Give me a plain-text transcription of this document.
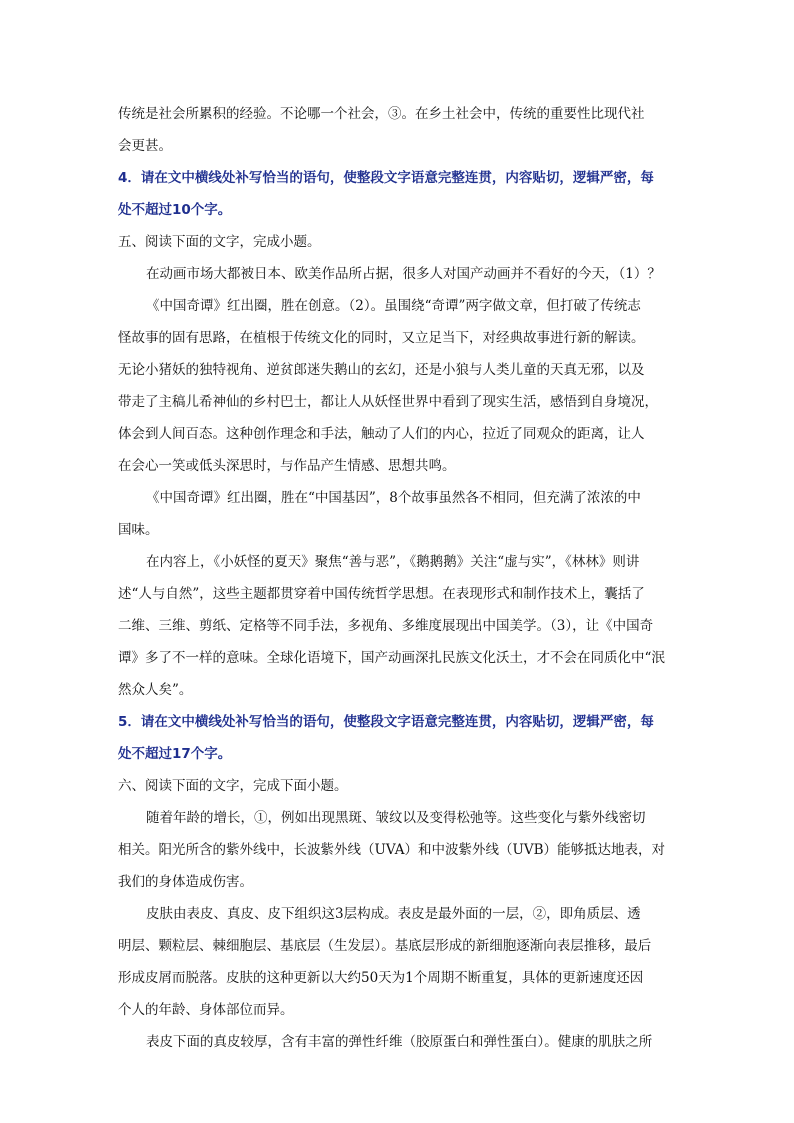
传统是社会所累积的经验。不论哪一个社会，③。在乡土社会中，传统的重要性比现代社

会更甚。

4．请在文中横线处补写恰当的语句，使整段文字语意完整连贯，内容贴切，逻辑严密，每

处不超过10个字。

五、阅读下面的文字，完成小题。

在动画市场大都被日本、欧美作品所占据，很多人对国产动画并不看好的今天，（1）？

《中国奇谭》红出圈，胜在创意。（2）。虽围绕“奇谭”两字做文章，但打破了传统志

怪故事的固有思路，在植根于传统文化的同时，又立足当下，对经典故事进行新的解读。

无论小猪妖的独特视角、逆贫郎迷失鹅山的玄幻，还是小狼与人类儿童的天真无邪，以及

带走了主稿儿希神仙的乡村巴士，都让人从妖怪世界中看到了现实生活，感悟到自身境况，

体会到人间百态。这种创作理念和手法，触动了人们的内心，拉近了同观众的距离，让人

在会心一笑或低头深思时，与作品产生情感、思想共鸣。

《中国奇谭》红出圈，胜在“中国基因”，8个故事虽然各不相同，但充满了浓浓的中

国味。

在内容上，《小妖怪的夏天》聚焦“善与恶”，《鹅鹅鹅》关注“虚与实”，《林林》则讲

述“人与自然”，这些主题都贯穿着中国传统哲学思想。在表现形式和制作技术上，囊括了

二维、三维、剪纸、定格等不同手法，多视角、多维度展现出中国美学。（3），让《中国奇

谭》多了不一样的意味。全球化语境下，国产动画深扎民族文化沃土，才不会在同质化中“泯

然众人矣”。

5．请在文中横线处补写恰当的语句，使整段文字语意完整连贯，内容贴切，逻辑严密，每

处不超过17个字。

六、阅读下面的文字，完成下面小题。

随着年龄的增长，①，例如出现黑斑、皱纹以及变得松弛等。这些变化与紫外线密切

相关。阳光所含的紫外线中，长波紫外线（UVA）和中波紫外线（UVB）能够抵达地表，对

我们的身体造成伤害。

皮肤由表皮、真皮、皮下组织这3层构成。表皮是最外面的一层，②，即角质层、透

明层、颗粒层、棘细胞层、基底层（生发层）。基底层形成的新细胞逐渐向表层推移，最后

形成皮屑而脱落。皮肤的这种更新以大约50天为1个周期不断重复，具体的更新速度还因

个人的年龄、身体部位而异。

表皮下面的真皮较厚，含有丰富的弹性纤维（胶原蛋白和弹性蛋白）。健康的肌肤之所
